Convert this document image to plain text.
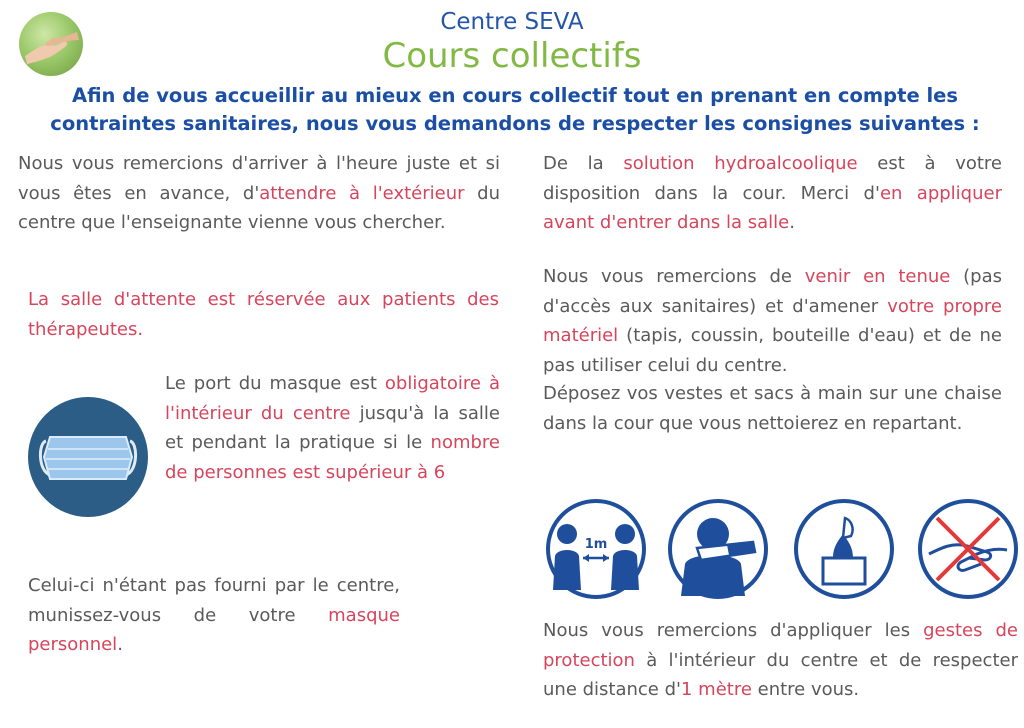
Centre SEVA
Cours collectifs
Afin de vous accueillir au mieux en cours collectif tout en prenant en compte les contraintes sanitaires, nous vous demandons de respecter les consignes suivantes :
Nous vous remercions d'arriver à l'heure juste et si vous êtes en avance, d'attendre à l'extérieur du centre que l'enseignante vienne vous chercher.
La salle d'attente est réservée aux patients des thérapeutes.
Le port du masque est obligatoire à l'intérieur du centre jusqu'à la salle et pendant la pratique si le nombre de personnes est supérieur à 6
Celui-ci n'étant pas fourni par le centre, munissez-vous de votre masque personnel.
De la solution hydroalcoolique est à votre disposition dans la cour. Merci d'en appliquer avant d'entrer dans la salle.
Nous vous remercions de venir en tenue (pas d'accès aux sanitaires) et d'amener votre propre matériel (tapis, coussin, bouteille d'eau) et de ne pas utiliser celui du centre.
Déposez vos vestes et sacs à main sur une chaise dans la cour que vous nettoierez en repartant.
1m
Nous vous remercions d'appliquer les gestes de protection à l'intérieur du centre et de respecter une distance d'1 mètre entre vous.
